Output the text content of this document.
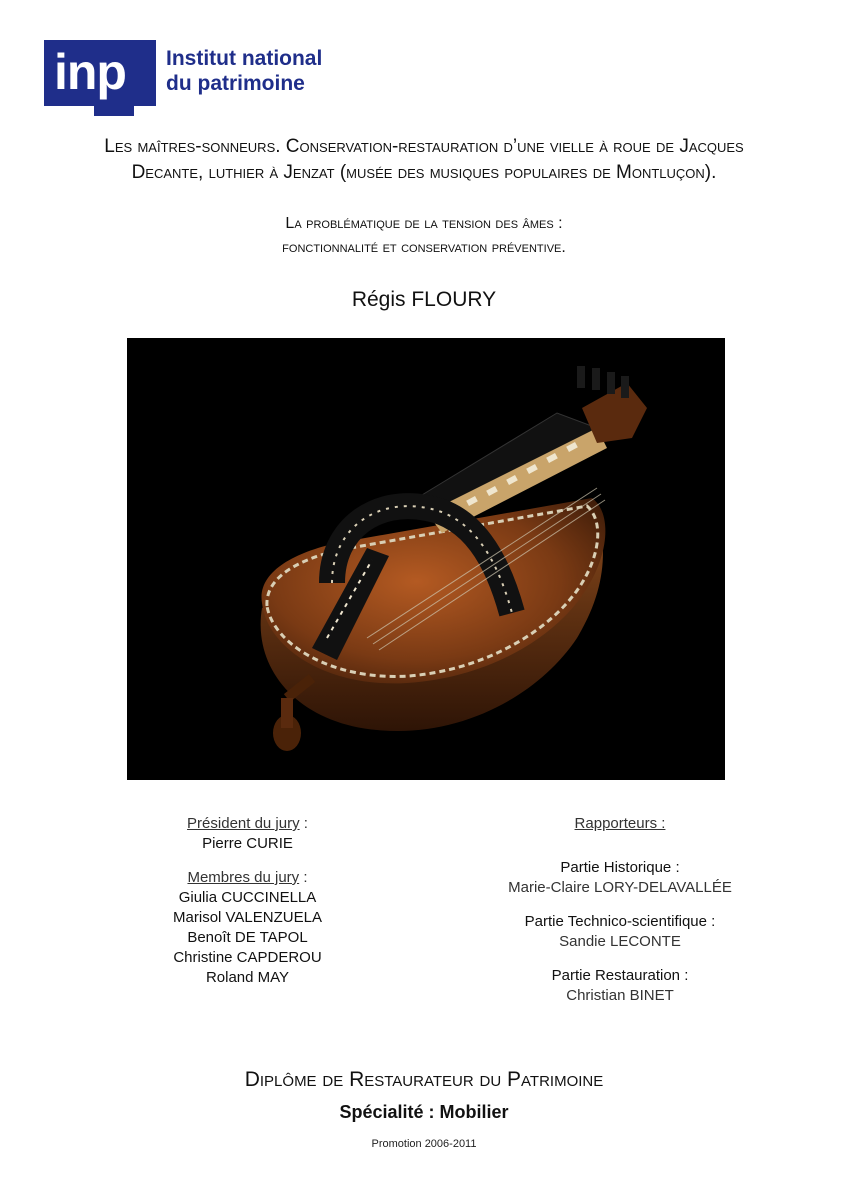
inp Institut national
du patrimoine
Les maîtres-sonneurs. Conservation-restauration d’une vielle à roue de Jacques
Decante, luthier à Jenzat (musée des musiques populaires de Montluçon).
La problématique de la tension des âmes :
fonctionnalité et conservation préventive.
Régis FLOURY
Président du jury :
Pierre CURIE
Membres du jury :
Giulia CUCCINELLA
Marisol VALENZUELA
Benoît DE TAPOL
Christine CAPDEROU
Roland MAY
Rapporteurs :
Partie Historique :
Marie-Claire LORY-DELAVALLÉE
Partie Technico-scientifique :
Sandie LECONTE
Partie Restauration :
Christian BINET
Diplôme de Restaurateur du Patrimoine
Spécialité : Mobilier
Promotion 2006-2011
